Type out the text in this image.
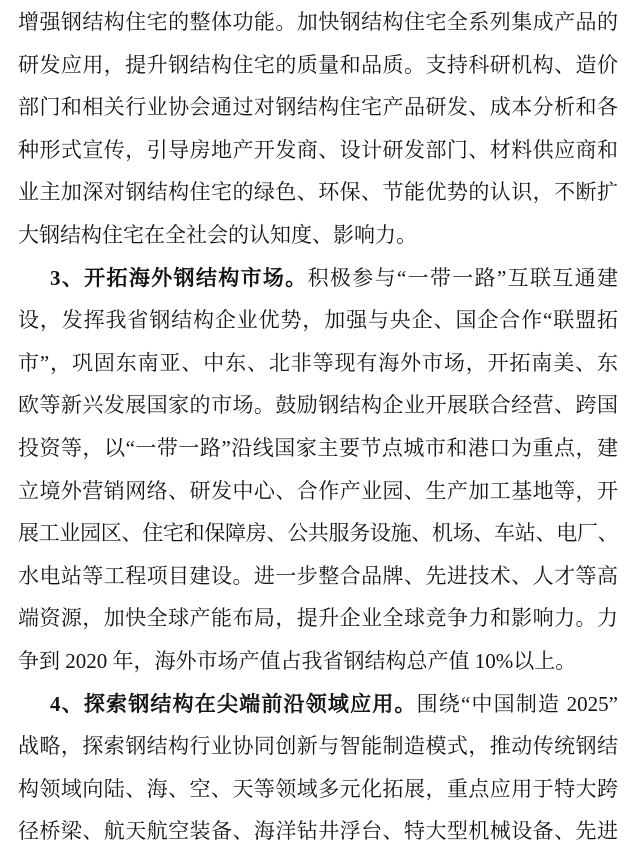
增强钢结构住宅的整体功能。加快钢结构住宅全系列集成产品的
研发应用，提升钢结构住宅的质量和品质。支持科研机构、造价
部门和相关行业协会通过对钢结构住宅产品研发、成本分析和各
种形式宣传，引导房地产开发商、设计研发部门、材料供应商和
业主加深对钢结构住宅的绿色、环保、节能优势的认识，不断扩
大钢结构住宅在全社会的认知度、影响力。
3、开拓海外钢结构市场。积极参与“一带一路”互联互通建
设，发挥我省钢结构企业优势，加强与央企、国企合作“联盟拓
市”，巩固东南亚、中东、北非等现有海外市场，开拓南美、东
欧等新兴发展国家的市场。鼓励钢结构企业开展联合经营、跨国
投资等，以“一带一路”沿线国家主要节点城市和港口为重点，建
立境外营销网络、研发中心、合作产业园、生产加工基地等，开
展工业园区、住宅和保障房、公共服务设施、机场、车站、电厂、
水电站等工程项目建设。进一步整合品牌、先进技术、人才等高
端资源，加快全球产能布局，提升企业全球竞争力和影响力。力
争到 2020 年，海外市场产值占我省钢结构总产值 10%以上。
4、探索钢结构在尖端前沿领域应用。围绕“中国制造 2025”
战略，探索钢结构行业协同创新与智能制造模式，推动传统钢结
构领域向陆、海、空、天等领域多元化拓展，重点应用于特大跨
径桥梁、航天航空装备、海洋钻井浮台、特大型机械设备、先进
